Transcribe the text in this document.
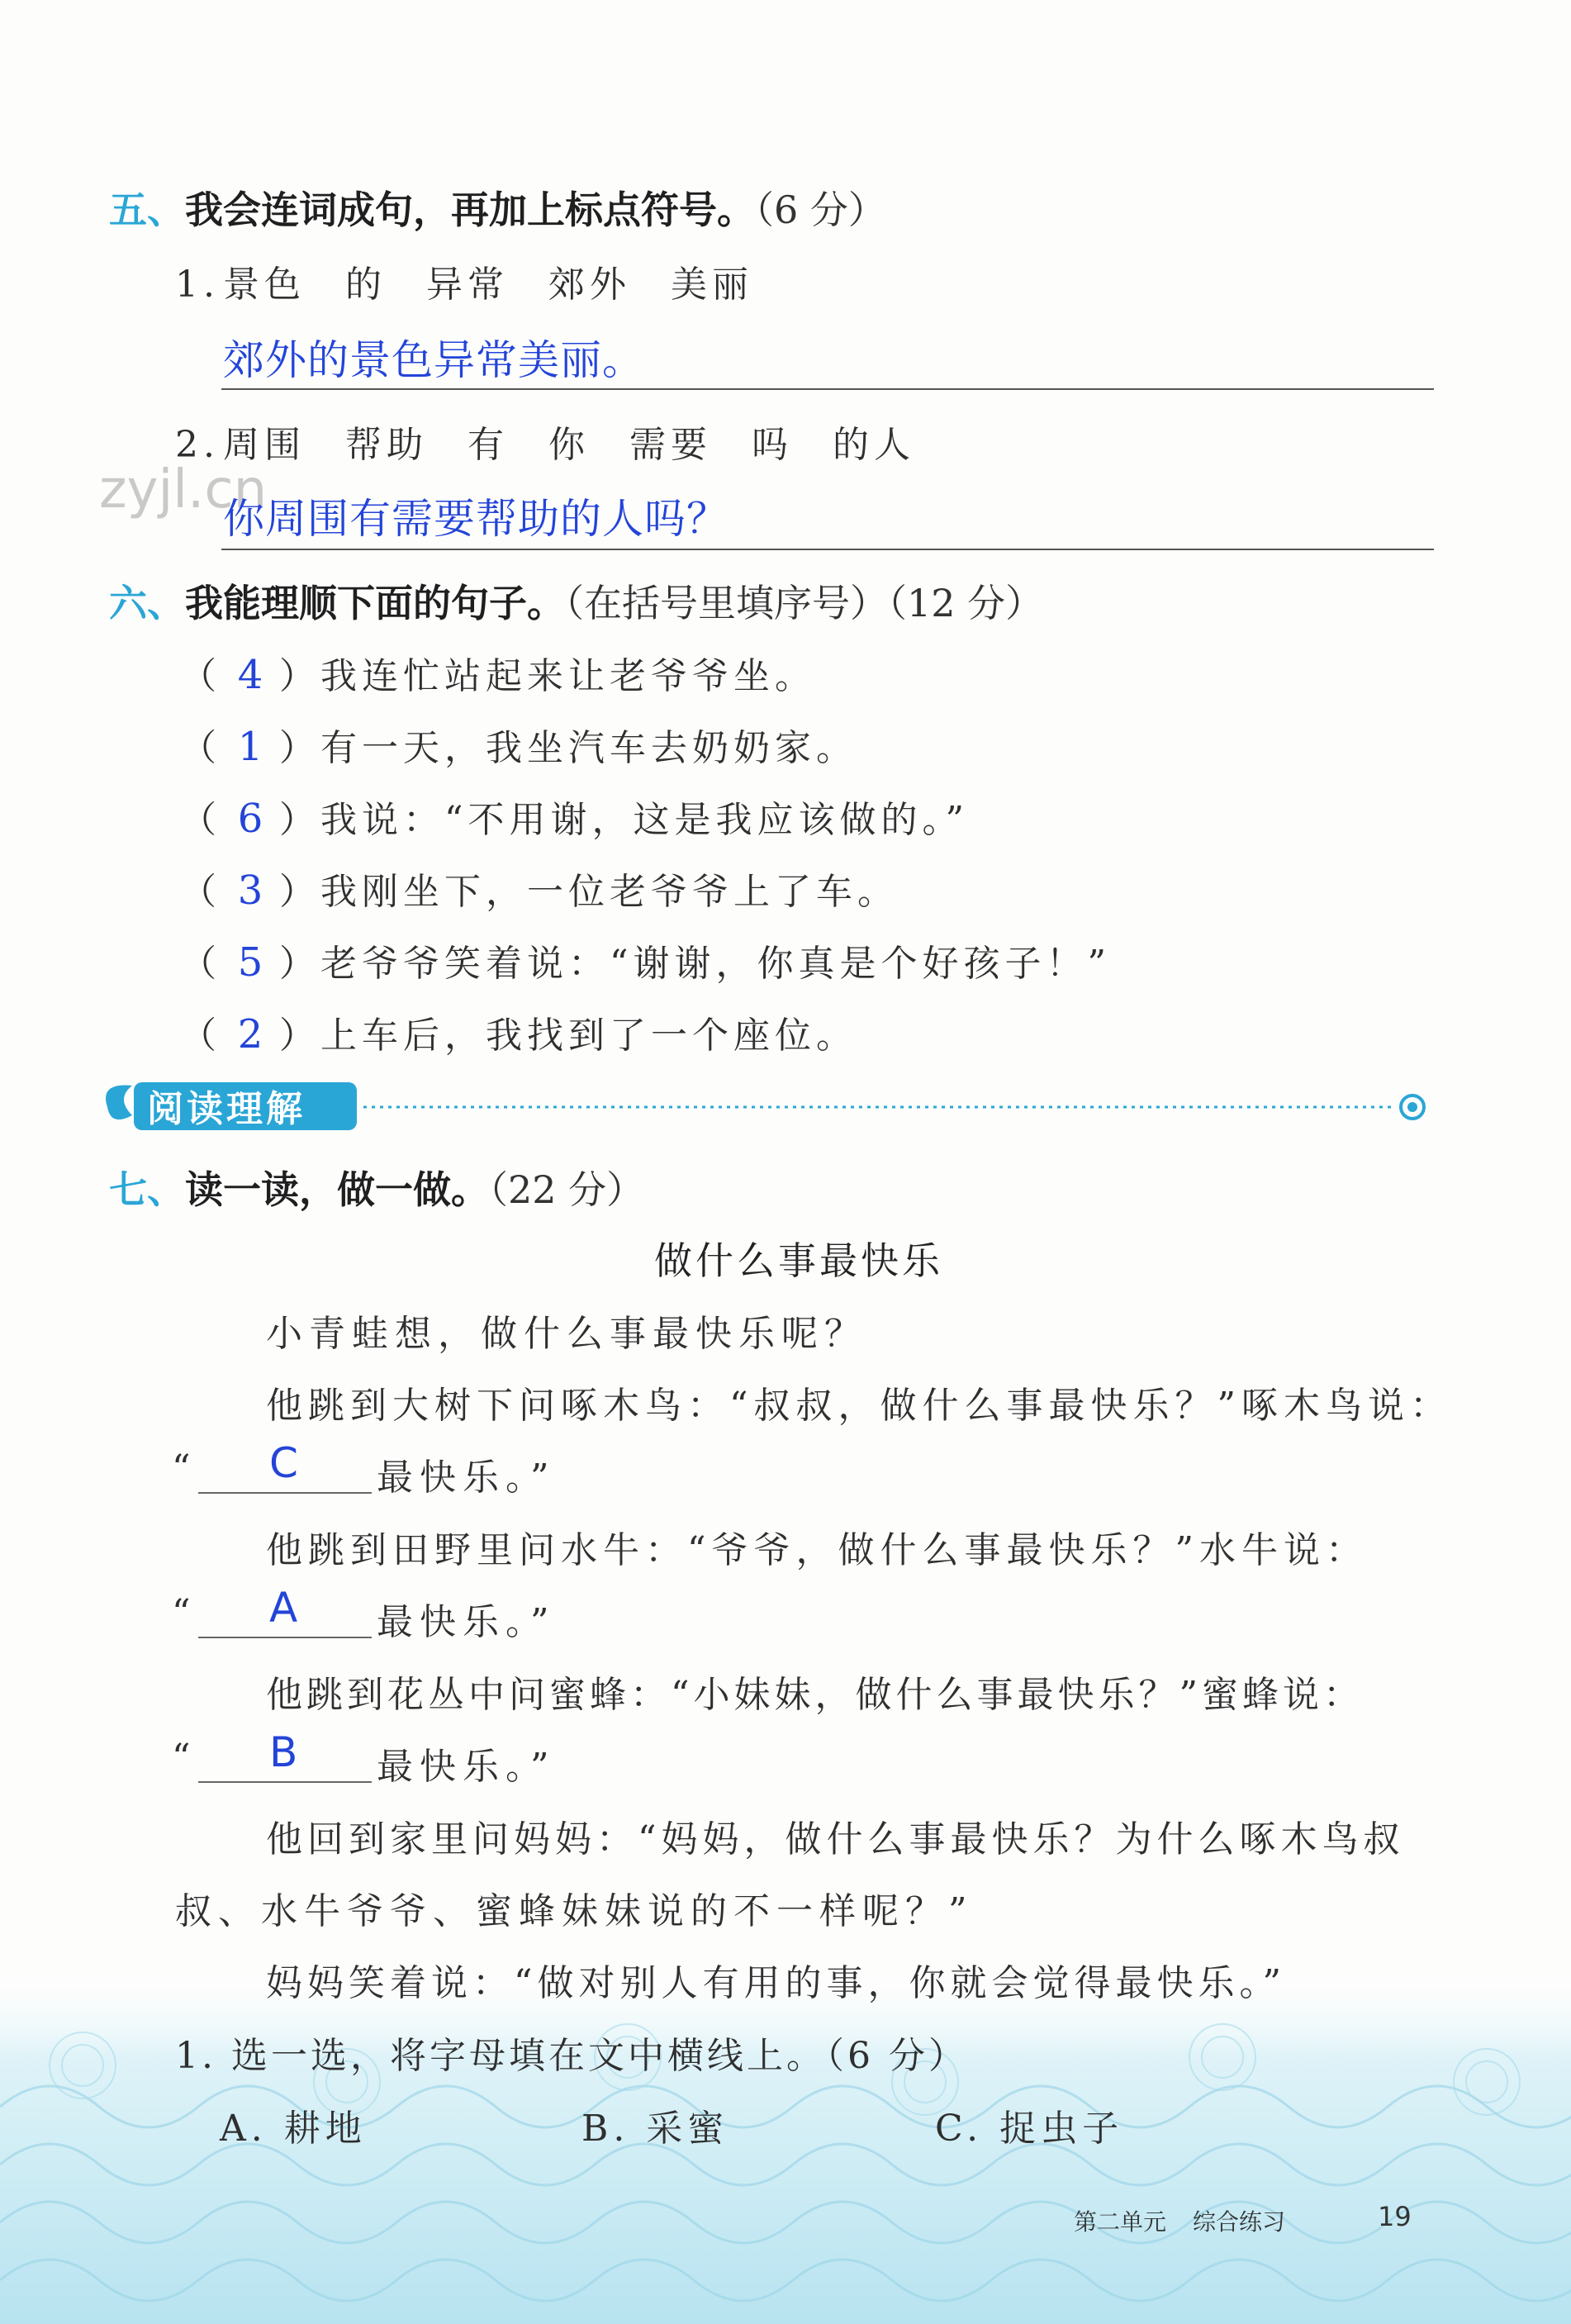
五、我会连词成句，再加上标点符号。（6 分）
1.景色 的 异常 郊外 美丽
郊外的景色异常美丽。
2.周围 帮助 有 你 需要 吗 的人
zyjl.cn
你周围有需要帮助的人吗？
六、我能理顺下面的句子。（在括号里填序号）（12 分）
（ 4 ）我连忙站起来让老爷爷坐。
（ 1 ）有一天，我坐汽车去奶奶家。
（ 6 ）我说：“不用谢，这是我应该做的。”
（ 3 ）我刚坐下，一位老爷爷上了车。
（ 5 ）老爷爷笑着说：“谢谢，你真是个好孩子！”
（ 2 ）上车后，我找到了一个座位。
阅读理解
七、读一读，做一做。（22 分）
做什么事最快乐
小青蛙想，做什么事最快乐呢？
他跳到大树下问啄木鸟：“叔叔，做什么事最快乐？”啄木鸟说：
“ C 最快乐。”
他跳到田野里问水牛：“爷爷，做什么事最快乐？”水牛说：
“ A 最快乐。”
他跳到花丛中问蜜蜂：“小妹妹，做什么事最快乐？”蜜蜂说：
“ B 最快乐。”
他回到家里问妈妈：“妈妈，做什么事最快乐？为什么啄木鸟叔
叔、水牛爷爷、蜜蜂妹妹说的不一样呢？”
妈妈笑着说：“做对别人有用的事，你就会觉得最快乐。”
1. 选一选，将字母填在文中横线上。（6 分）
A. 耕地	B. 采蜜	C. 捉虫子
第二单元 综合练习	19
